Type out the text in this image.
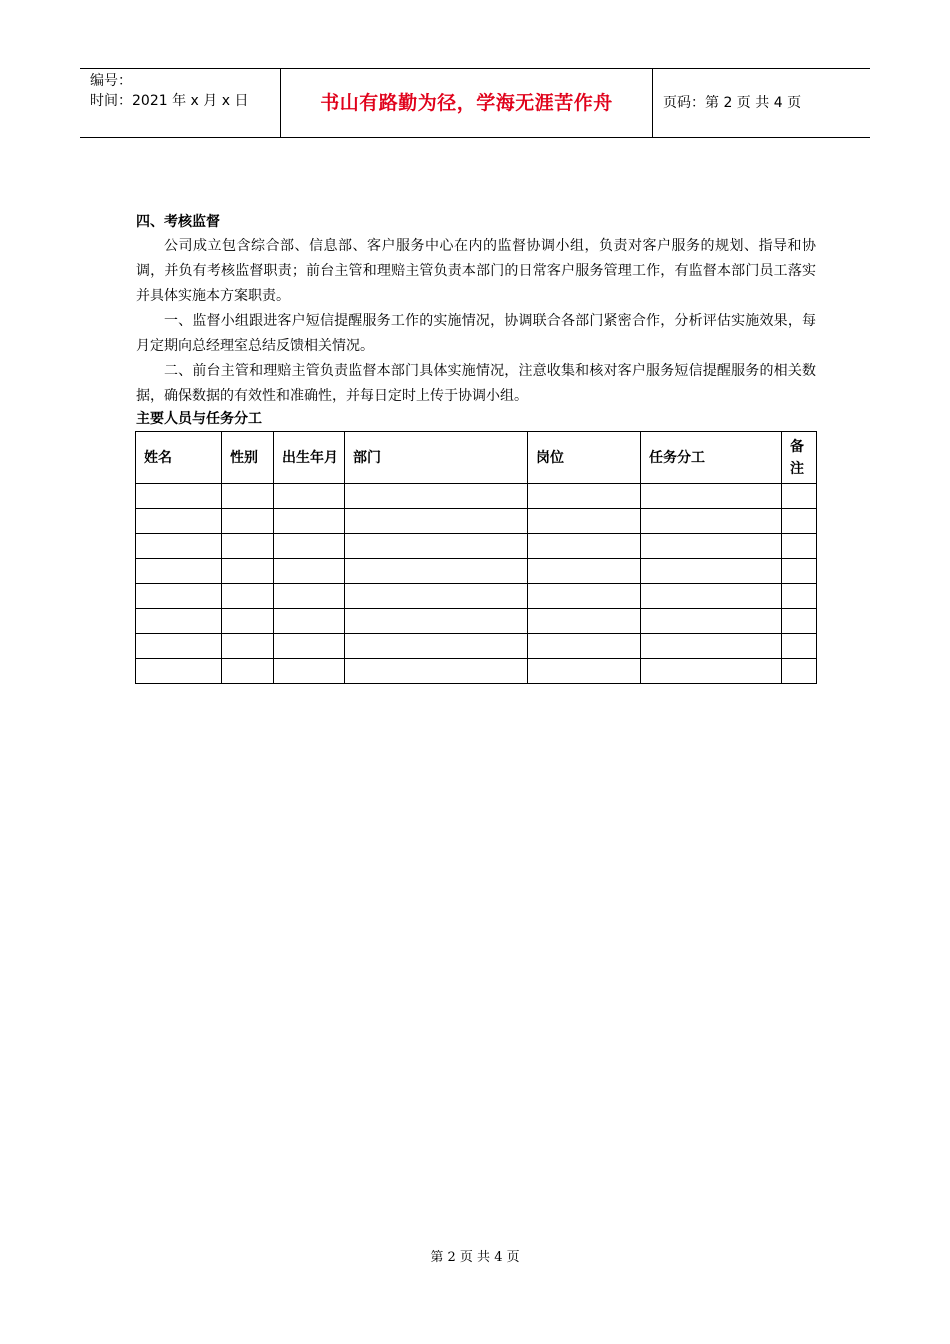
编号：
时间：2021 年 x 月 x 日	书山有路勤为径，学海无涯苦作舟	页码：第 2 页 共 4 页
四、考核监督

公司成立包含综合部、信息部、客户服务中心在内的监督协调小组，负责对客户服务的规划、指导和协调，并负有考核监督职责；前台主管和理赔主管负责本部门的日常客户服务管理工作，有监督本部门员工落实并具体实施本方案职责。

一、监督小组跟进客户短信提醒服务工作的实施情况，协调联合各部门紧密合作，分析评估实施效果，每月定期向总经理室总结反馈相关情况。

二、前台主管和理赔主管负责监督本部门具体实施情况，注意收集和核对客户服务短信提醒服务的相关数据，确保数据的有效性和准确性，并每日定时上传于协调小组。

主要人员与任务分工
姓名	性别	出生年月	部门	岗位	任务分工	备注

第 2 页 共 4 页
